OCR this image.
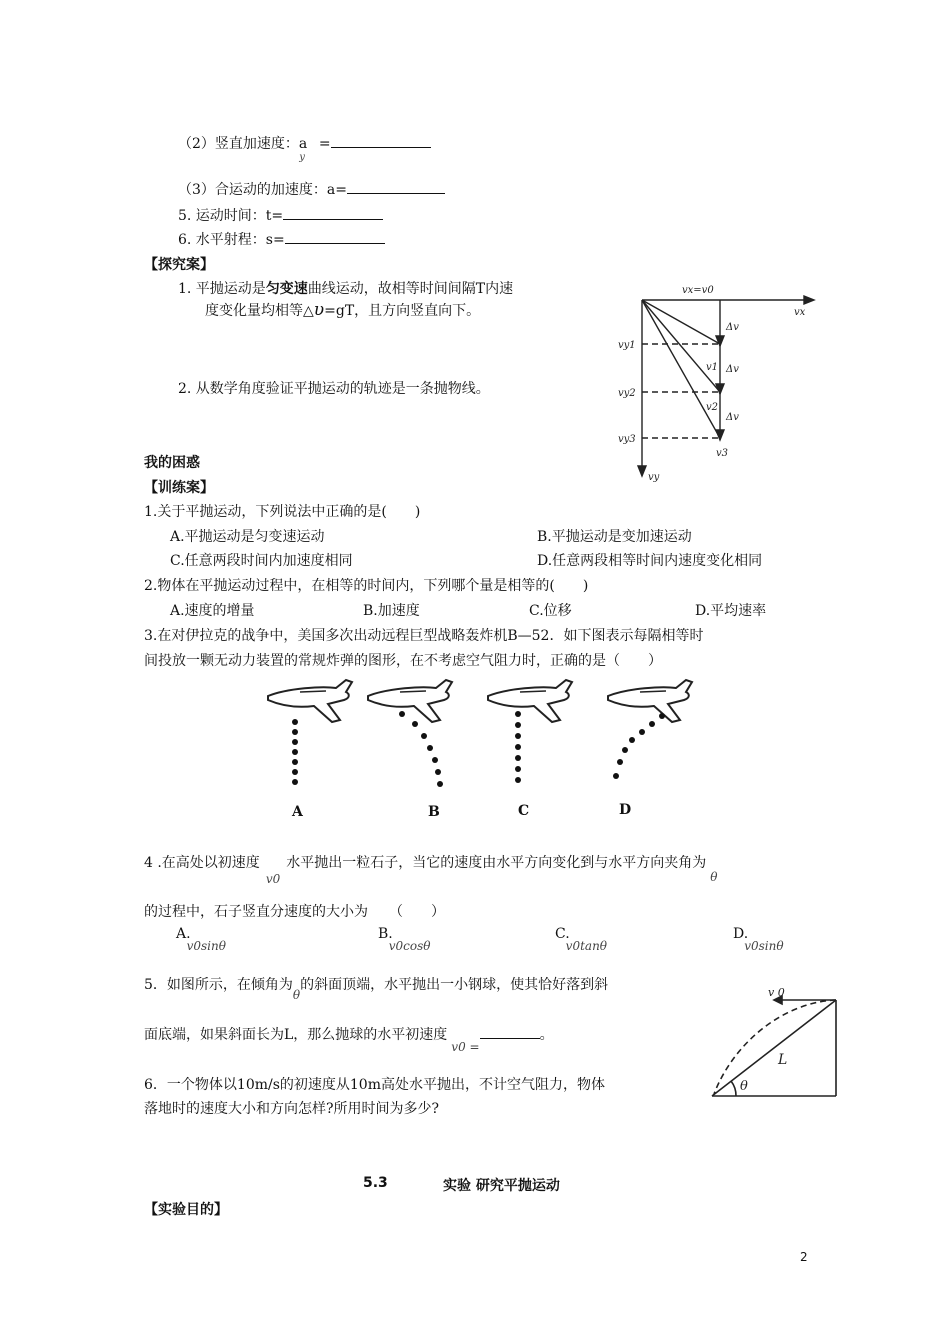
（2）竖直加速度：$a_y=$
（3）合运动的加速度：a=
5. 运动时间：t=
6. 水平射程：s=
【探究案】
1. 平抛运动是匀变速曲线运动，故相等时间间隔T内速
度变化量均相等△υ=gT，且方向竖直向下。
2. 从数学角度验证平抛运动的轨迹是一条抛物线。
vx=v0
vx
vy
vy1
vy2
vy3
v1
v2
v3
Δv
Δv
Δv
我的困惑
【训练案】
1.关于平抛运动，下列说法中正确的是(　　)
A.平抛运动是匀变速运动	B.平抛运动是变加速运动
C.任意两段时间内加速度相同	D.任意两段相等时间内速度变化相同
2.物体在平抛运动过程中，在相等的时间内，下列哪个量是相等的(　　)
A.速度的增量	B.加速度	C.位移	D.平均速率
3.在对伊拉克的战争中，美国多次出动远程巨型战略轰炸机B—52．如下图表示每隔相等时
间投放一颗无动力装置的常规炸弹的图形，在不考虑空气阻力时，正确的是（　　）
A	B	C	D
4 .在高处以初速度v0水平抛出一粒石子，当它的速度由水平方向变化到与水平方向夹角为θ
的过程中，石子竖直分速度的大小为　　（　　）
A.v0sinθ
B.v0cosθ
C.v0tanθ
D.v0sinθ
5．如图所示，在倾角为θ的斜面顶端，水平抛出一小钢球，使其恰好落到斜
面底端，如果斜面长为L，那么抛球的水平初速度v0 =。
v 0
L
θ
6．一个物体以10m/s的初速度从10m高处水平抛出，不计空气阻力，物体
落地时的速度大小和方向怎样?所用时间为多少?
5.3	实验 研究平抛运动
【实验目的】
2
